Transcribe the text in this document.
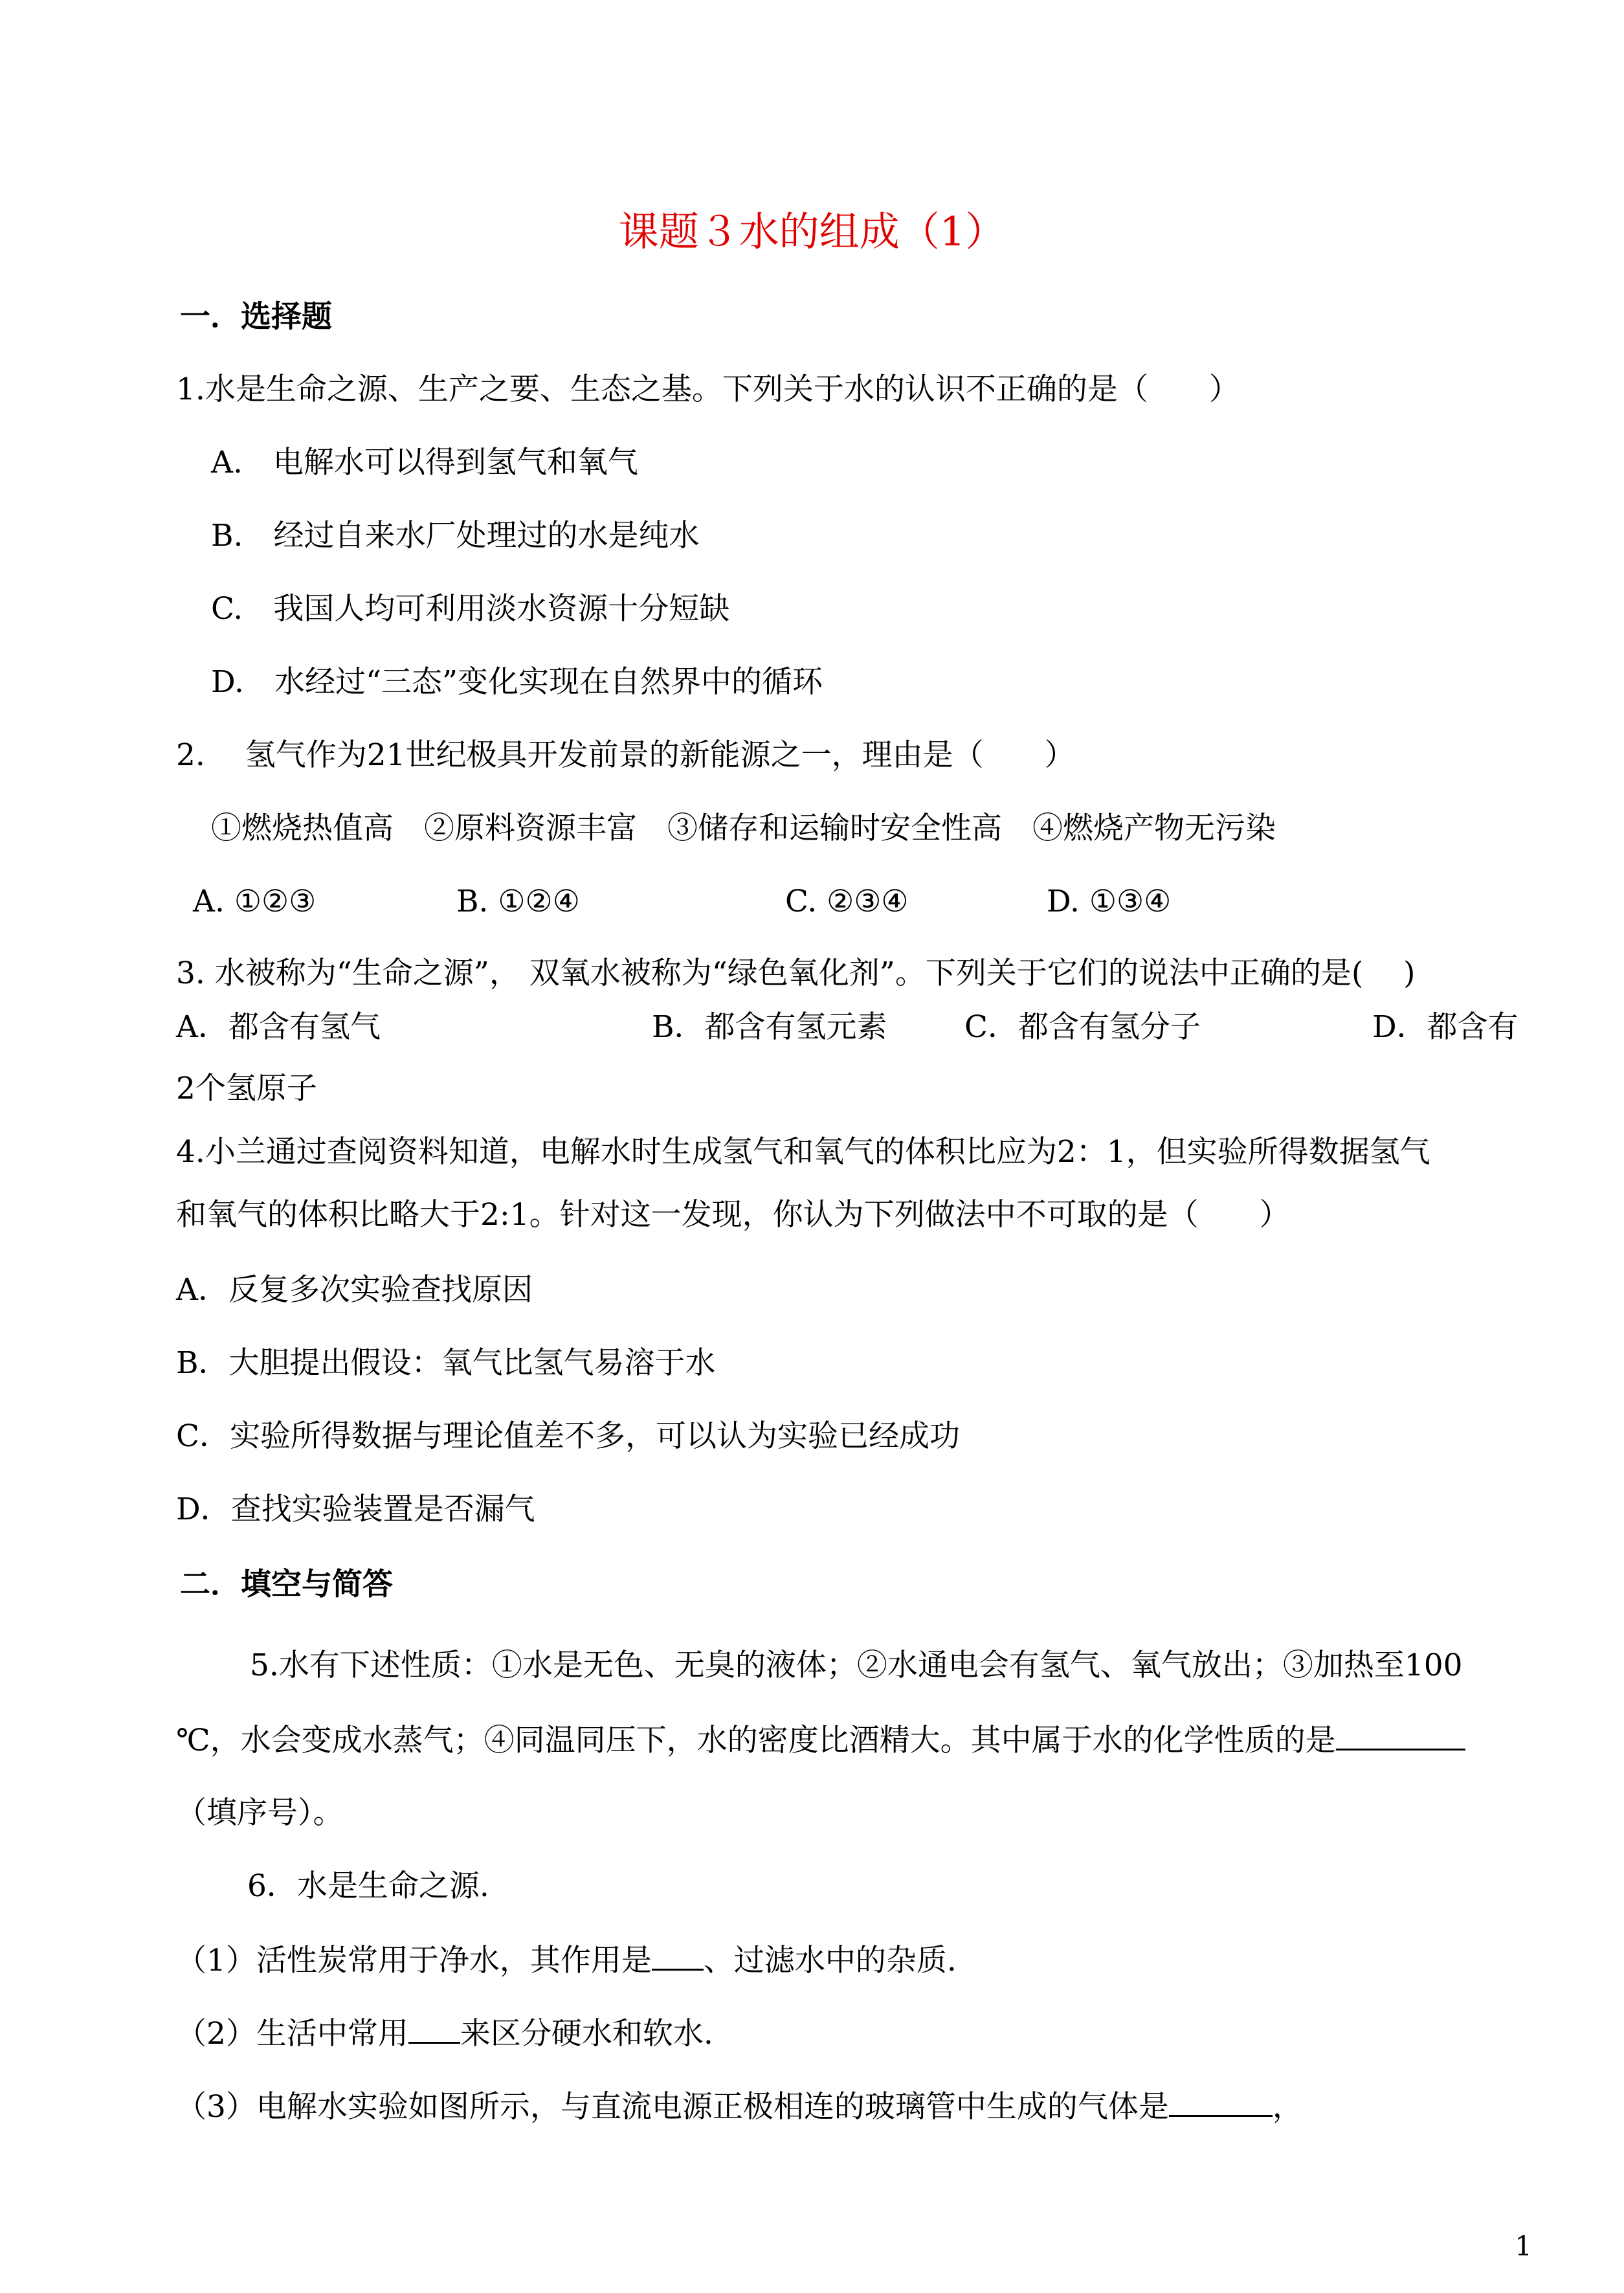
课题３水的组成（1）
一．选择题
1.水是生命之源、生产之要、生态之基。下列关于水的认识不正确的是（　　）
A.　电解水可以得到氢气和氧气
B.　经过自来水厂处理过的水是纯水
C.　我国人均可利用淡水资源十分短缺
D.　水经过“三态”变化实现在自然界中的循环
2.　 氢气作为21世纪极具开发前景的新能源之一，理由是（　　）
①燃烧热值高　②原料资源丰富　③储存和运输时安全性高　④燃烧产物无污染
A. ①②③	B. ①②④	C. ②③④	D. ①③④
3. 水被称为“生命之源”， 双氧水被称为“绿色氧化剂”。下列关于它们的说法中正确的是(　 )
A．都含有氢气	B．都含有氢元素	C．都含有氢分子	D．都含有
2个氢原子
4.小兰通过查阅资料知道，电解水时生成氢气和氧气的体积比应为2：1，但实验所得数据氢气
和氧气的体积比略大于2:1。针对这一发现，你认为下列做法中不可取的是（　　）
A．反复多次实验查找原因
B．大胆提出假设：氧气比氢气易溶于水
C．实验所得数据与理论值差不多，可以认为实验已经成功
D．查找实验装置是否漏气
二．填空与简答
5.水有下述性质：①水是无色、无臭的液体；②水通电会有氢气、氧气放出；③加热至100
℃，水会变成水蒸气；④同温同压下，水的密度比酒精大。其中属于水的化学性质的是
（填序号）。
6．水是生命之源.
（1）活性炭常用于净水，其作用是 、过滤水中的杂质.
（2）生活中常用 来区分硬水和软水.
（3）电解水实验如图所示，与直流电源正极相连的玻璃管中生成的气体是	，
1
